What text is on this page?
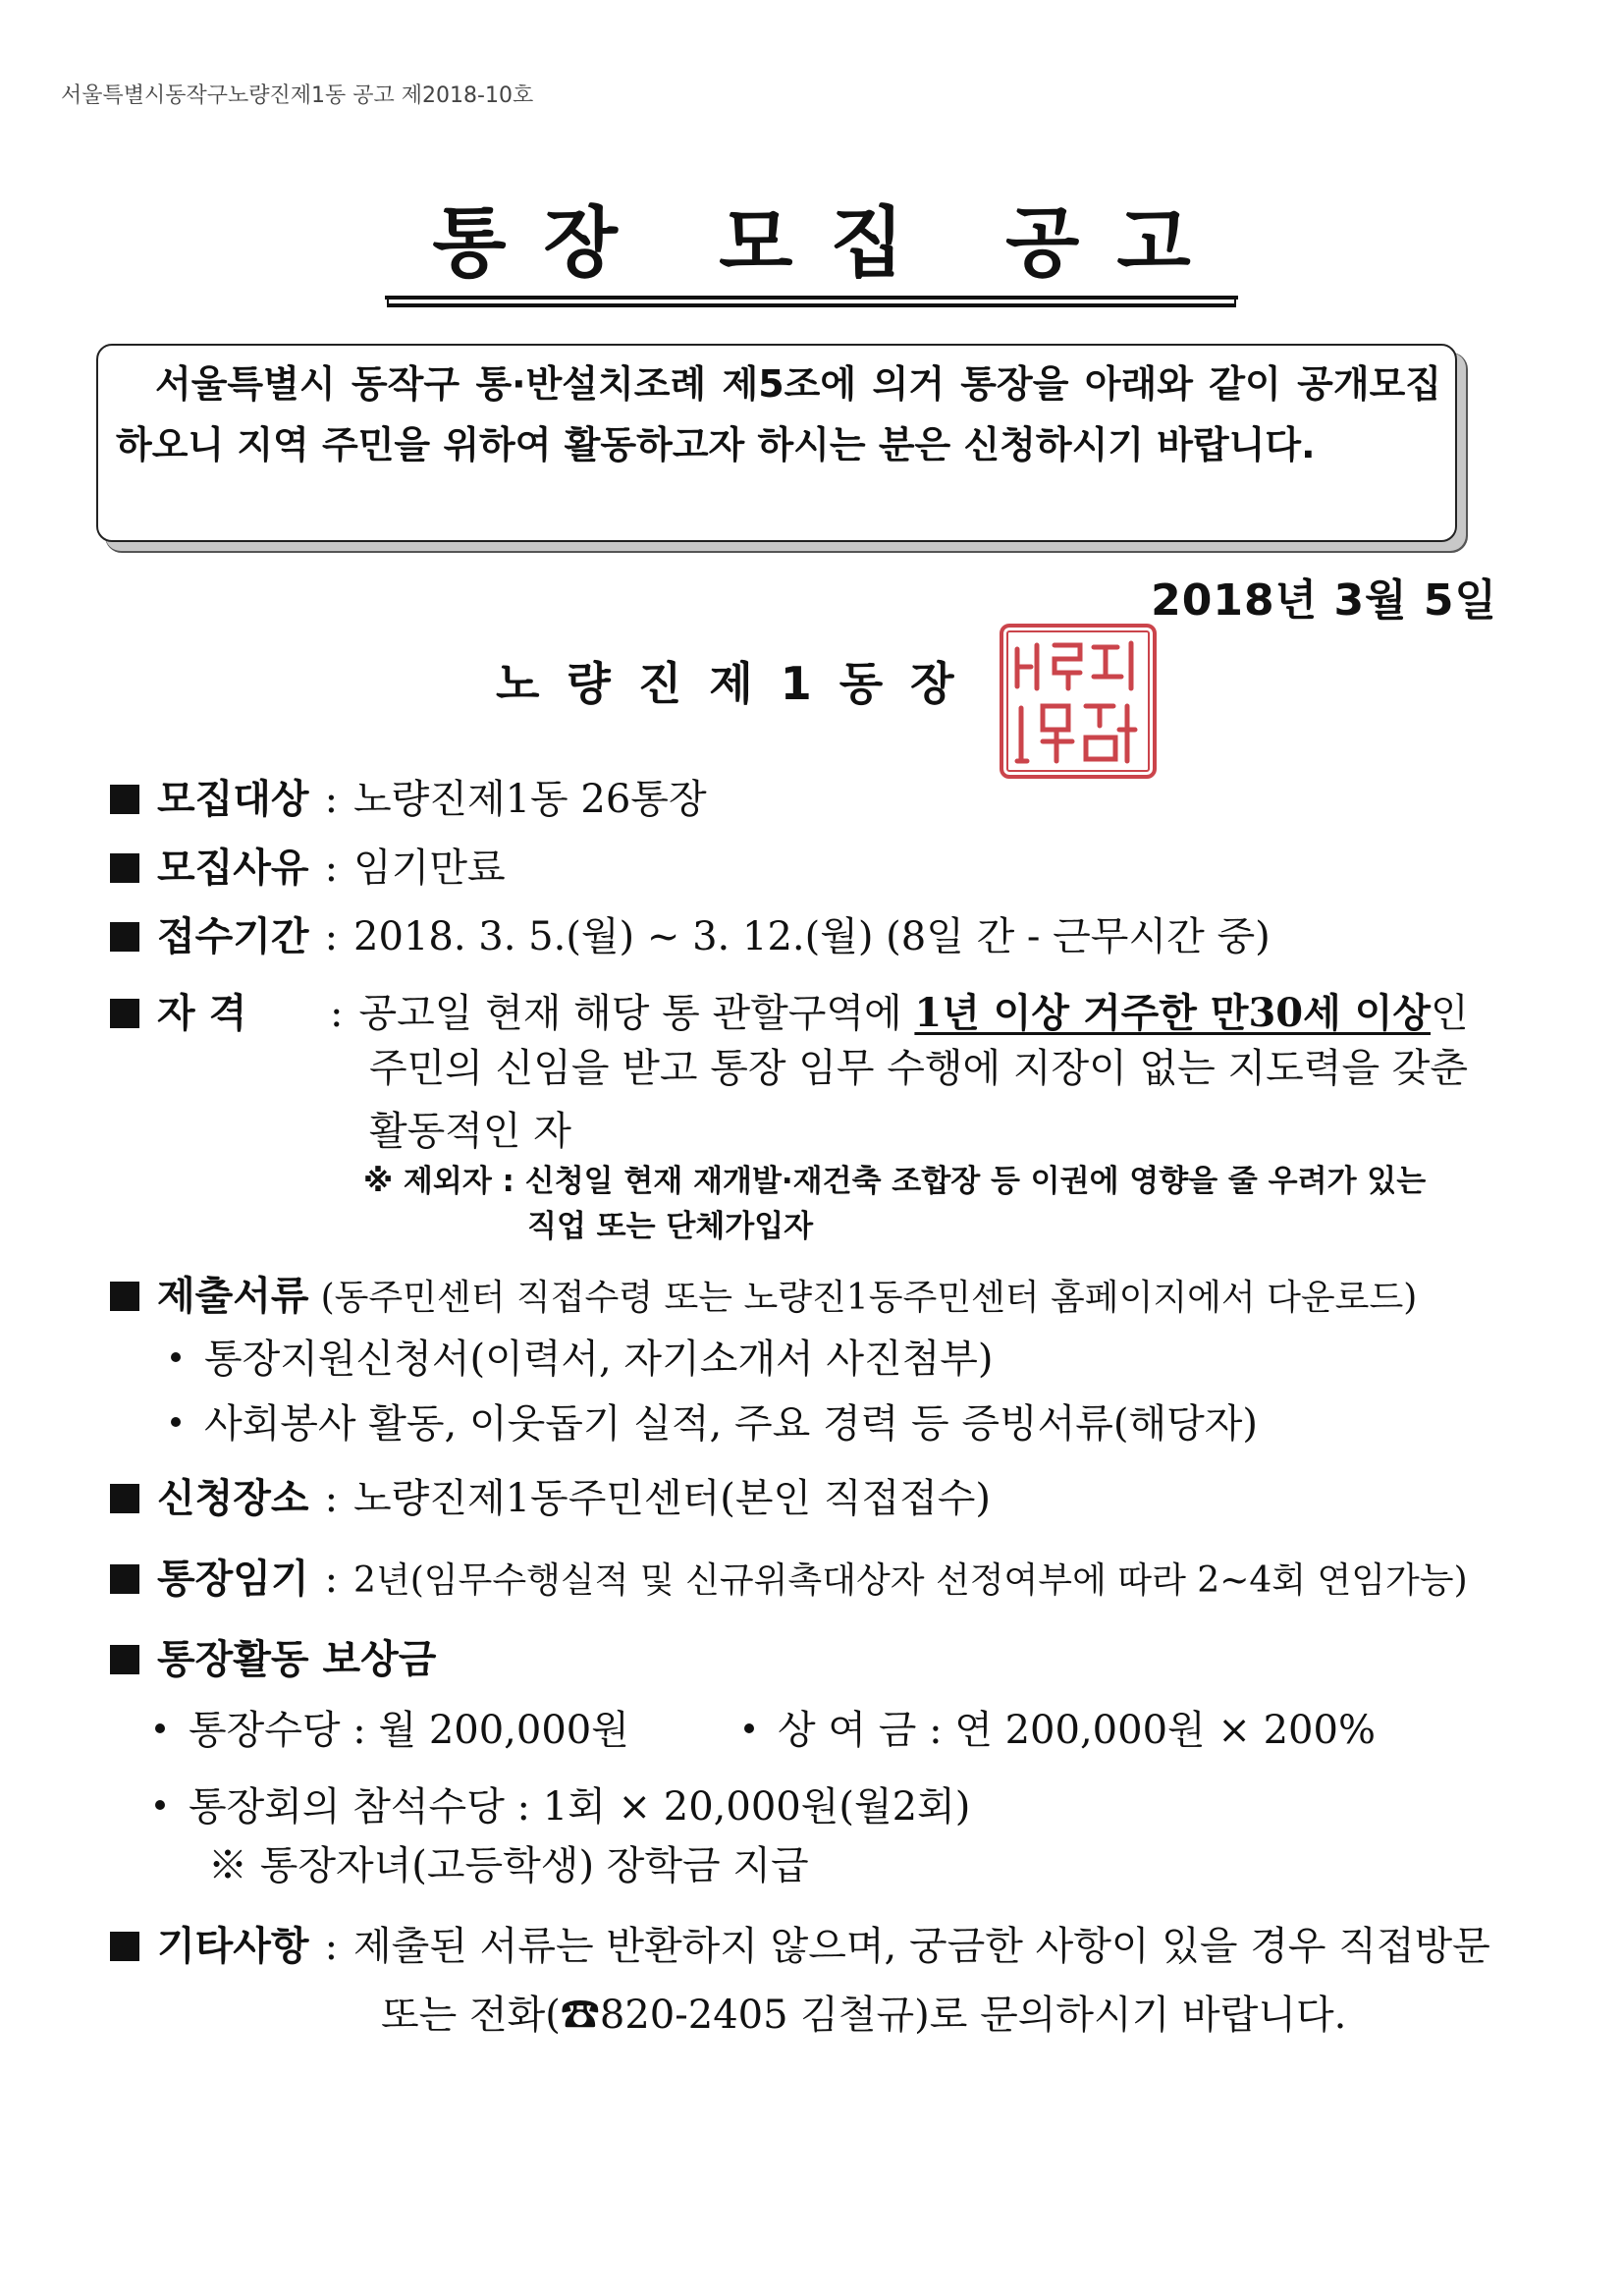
서울특별시동작구노량진제1동 공고 제2018-10호
통장 모집 공고
서울특별시 동작구 통·반설치조례 제5조에 의거 통장을 아래와 같이 공개모집하오니 지역 주민을 위하여 활동하고자 하시는 분은 신청하시기 바랍니다.
2018년 3월 5일
노량진제1동장
모집대상 : 노량진제1동 26통장
모집사유 : 임기만료
접수기간 : 2018. 3. 5.(월) ~ 3. 12.(월) (8일 간 - 근무시간 중)
자 격 : 공고일 현재 해당 통 관할구역에 1년 이상 거주한 만30세 이상인
주민의 신임을 받고 통장 임무 수행에 지장이 없는 지도력을 갖춘
활동적인 자
※ 제외자 : 신청일 현재 재개발·재건축 조합장 등 이권에 영향을 줄 우려가 있는
직업 또는 단체가입자
제출서류 (동주민센터 직접수령 또는 노량진1동주민센터 홈페이지에서 다운로드)
통장지원신청서(이력서, 자기소개서 사진첨부)
사회봉사 활동, 이웃돕기 실적, 주요 경력 등 증빙서류(해당자)
신청장소 : 노량진제1동주민센터(본인 직접접수)
통장임기 : 2년(임무수행실적 및 신규위촉대상자 선정여부에 따라 2~4회 연임가능)
통장활동 보상금
통장수당 : 월 200,000원	상 여 금 : 연 200,000원 × 200%
통장회의 참석수당 : 1회 × 20,000원(월2회)
※ 통장자녀(고등학생) 장학금 지급
기타사항 : 제출된 서류는 반환하지 않으며, 궁금한 사항이 있을 경우 직접방문
또는 전화(☎820-2405 김철규)로 문의하시기 바랍니다.
